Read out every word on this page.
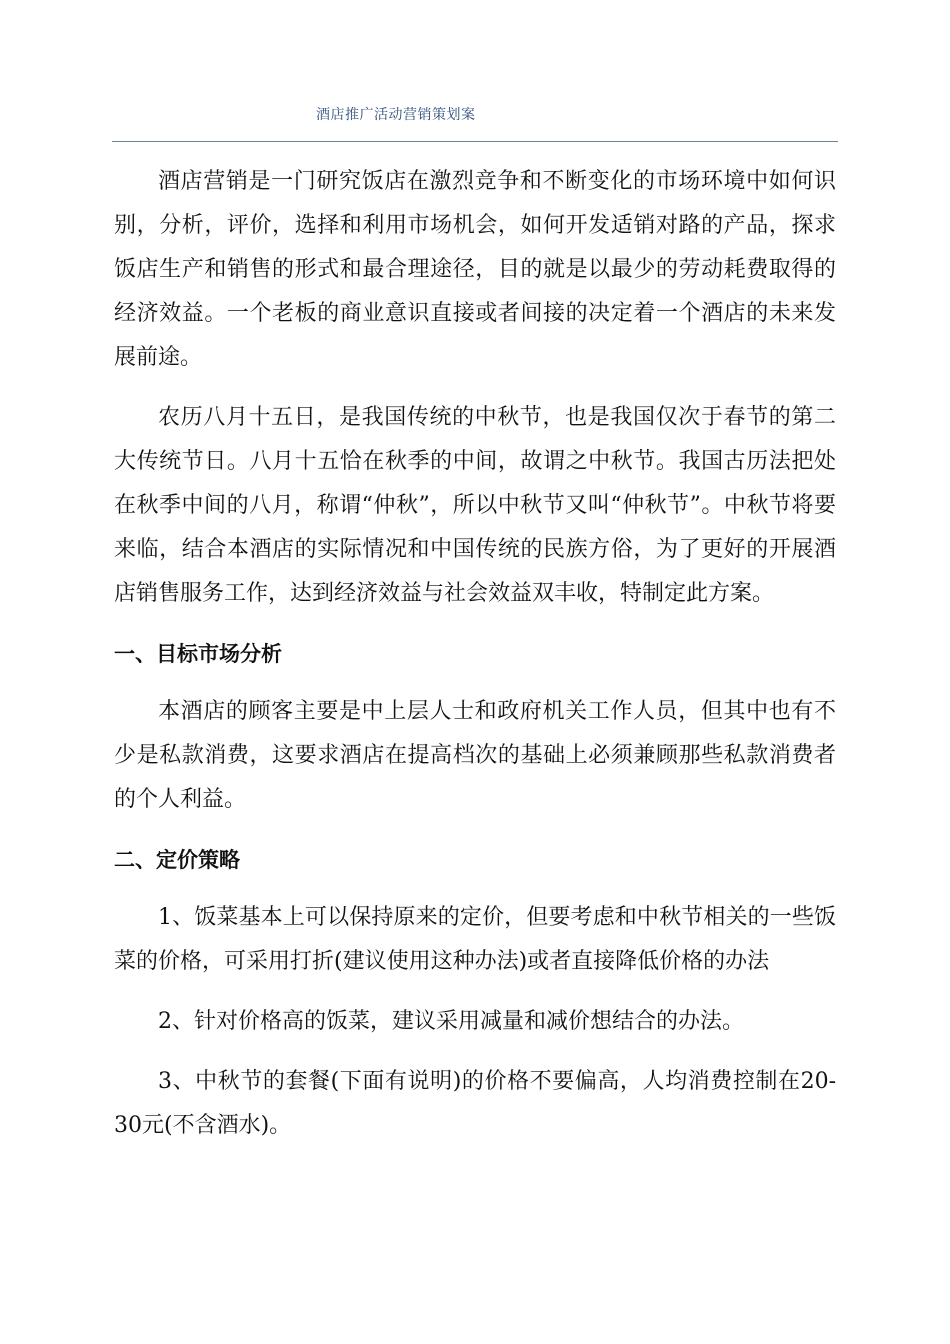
酒店推广活动营销策划案

酒店营销是一门研究饭店在激烈竞争和不断变化的市场环境中如何识别，分析，评价，选择和利用市场机会，如何开发适销对路的产品，探求饭店生产和销售的形式和最合理途径，目的就是以最少的劳动耗费取得的经济效益。一个老板的商业意识直接或者间接的决定着一个酒店的未来发展前途。

农历八月十五日，是我国传统的中秋节，也是我国仅次于春节的第二大传统节日。八月十五恰在秋季的中间，故谓之中秋节。我国古历法把处在秋季中间的八月，称谓“仲秋”，所以中秋节又叫“仲秋节”。中秋节将要来临，结合本酒店的实际情况和中国传统的民族方俗，为了更好的开展酒店销售服务工作，达到经济效益与社会效益双丰收，特制定此方案。

一、目标市场分析

本酒店的顾客主要是中上层人士和政府机关工作人员，但其中也有不少是私款消费，这要求酒店在提高档次的基础上必须兼顾那些私款消费者的个人利益。

二、定价策略

1、饭菜基本上可以保持原来的定价，但要考虑和中秋节相关的一些饭菜的价格，可采用打折(建议使用这种办法)或者直接降低价格的办法

2、针对价格高的饭菜，建议采用减量和减价想结合的办法。

3、中秋节的套餐(下面有说明)的价格不要偏高，人均消费控制在20-30元(不含酒水)。
